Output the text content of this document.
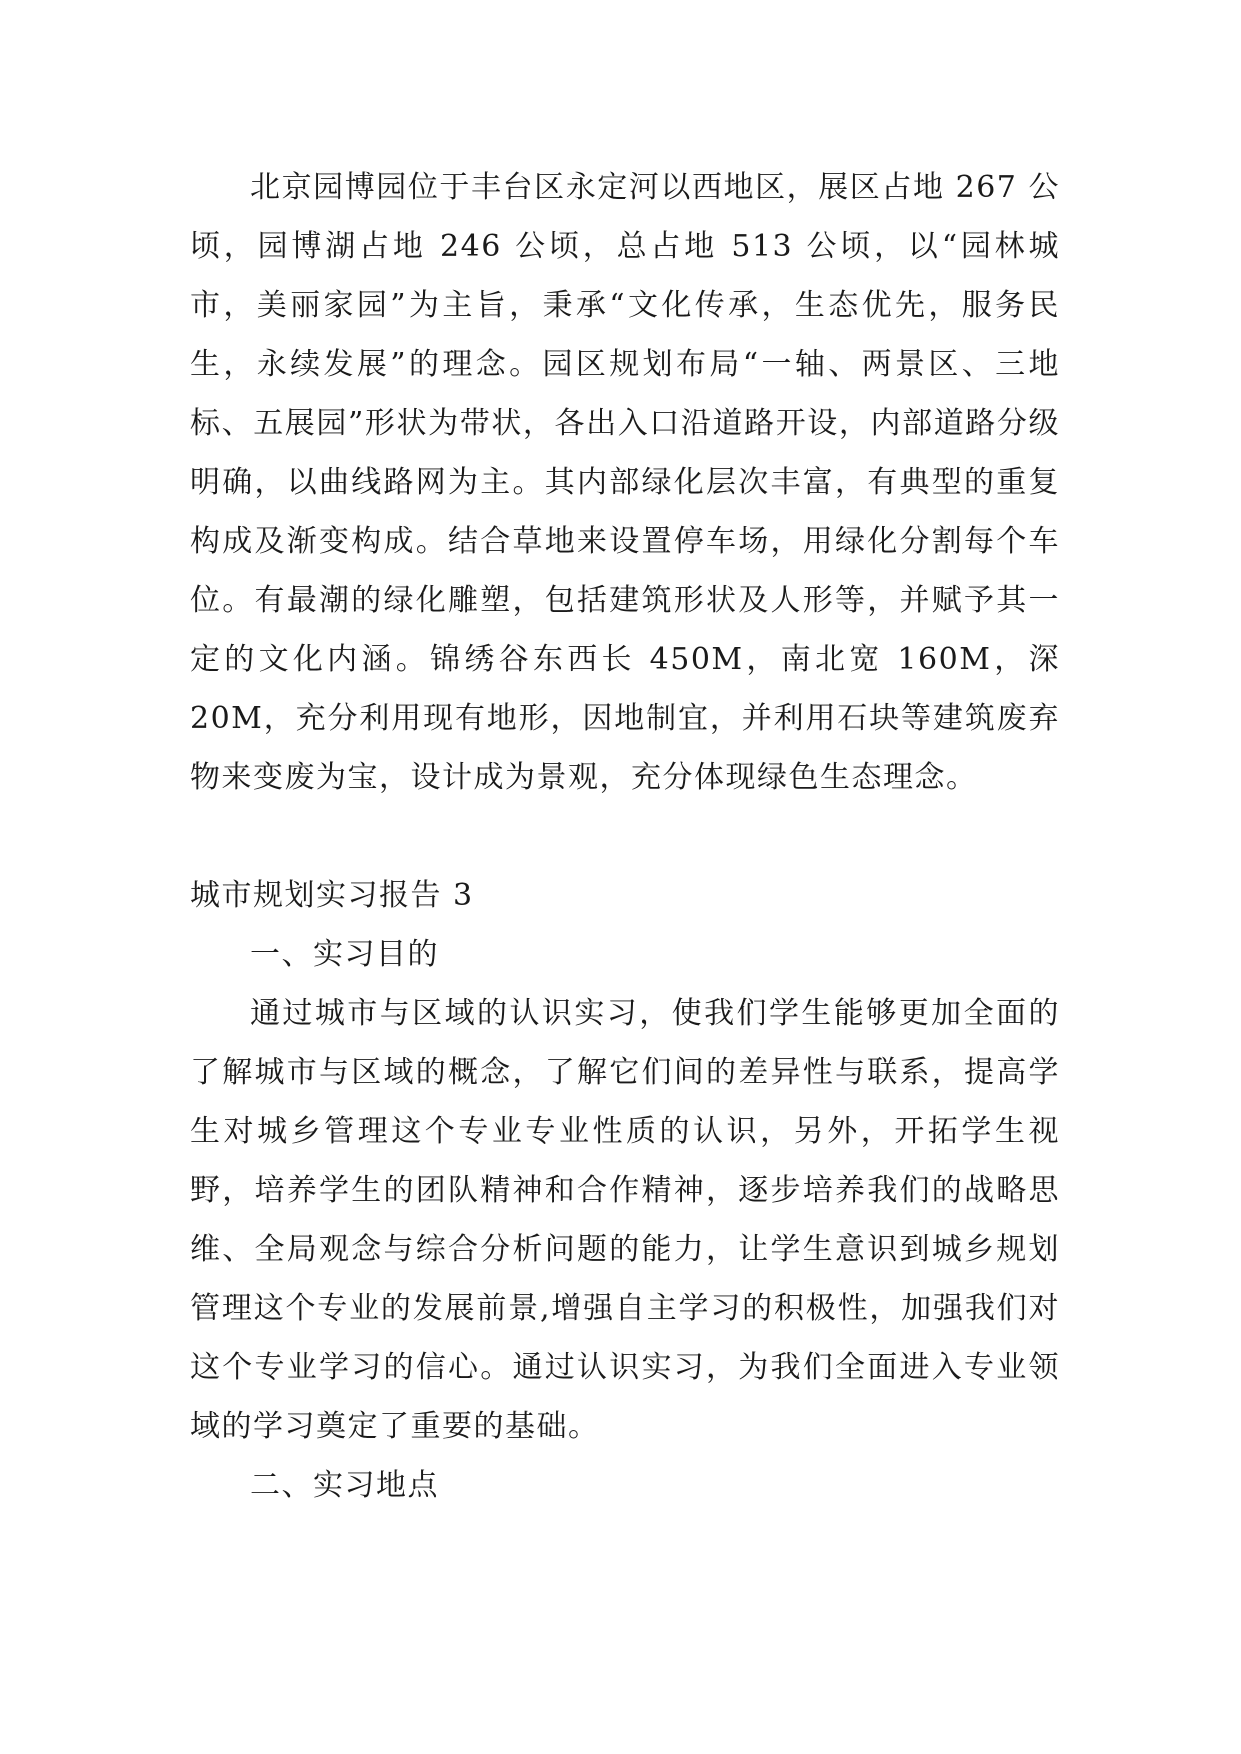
北京园博园位于丰台区永定河以西地区，展区占地 267 公顷，园博湖占地 246 公顷，总占地 513 公顷，以“园林城市，美丽家园”为主旨，秉承“文化传承，生态优先，服务民生，永续发展”的理念。园区规划布局“一轴、两景区、三地标、五展园”形状为带状，各出入口沿道路开设，内部道路分级明确，以曲线路网为主。其内部绿化层次丰富，有典型的重复构成及渐变构成。结合草地来设置停车场，用绿化分割每个车位。有最潮的绿化雕塑，包括建筑形状及人形等，并赋予其一定的文化内涵。锦绣谷东西长 450M，南北宽 160M，深 20M，充分利用现有地形，因地制宜，并利用石块等建筑废弃物来变废为宝，设计成为景观，充分体现绿色生态理念。

城市规划实习报告 3

一、实习目的

通过城市与区域的认识实习，使我们学生能够更加全面的了解城市与区域的概念，了解它们间的差异性与联系，提高学生对城乡管理这个专业专业性质的认识，另外，开拓学生视野，培养学生的团队精神和合作精神，逐步培养我们的战略思维、全局观念与综合分析问题的能力，让学生意识到城乡规划管理这个专业的发展前景,增强自主学习的积极性，加强我们对这个专业学习的信心。通过认识实习，为我们全面进入专业领域的学习奠定了重要的基础。

二、实习地点
